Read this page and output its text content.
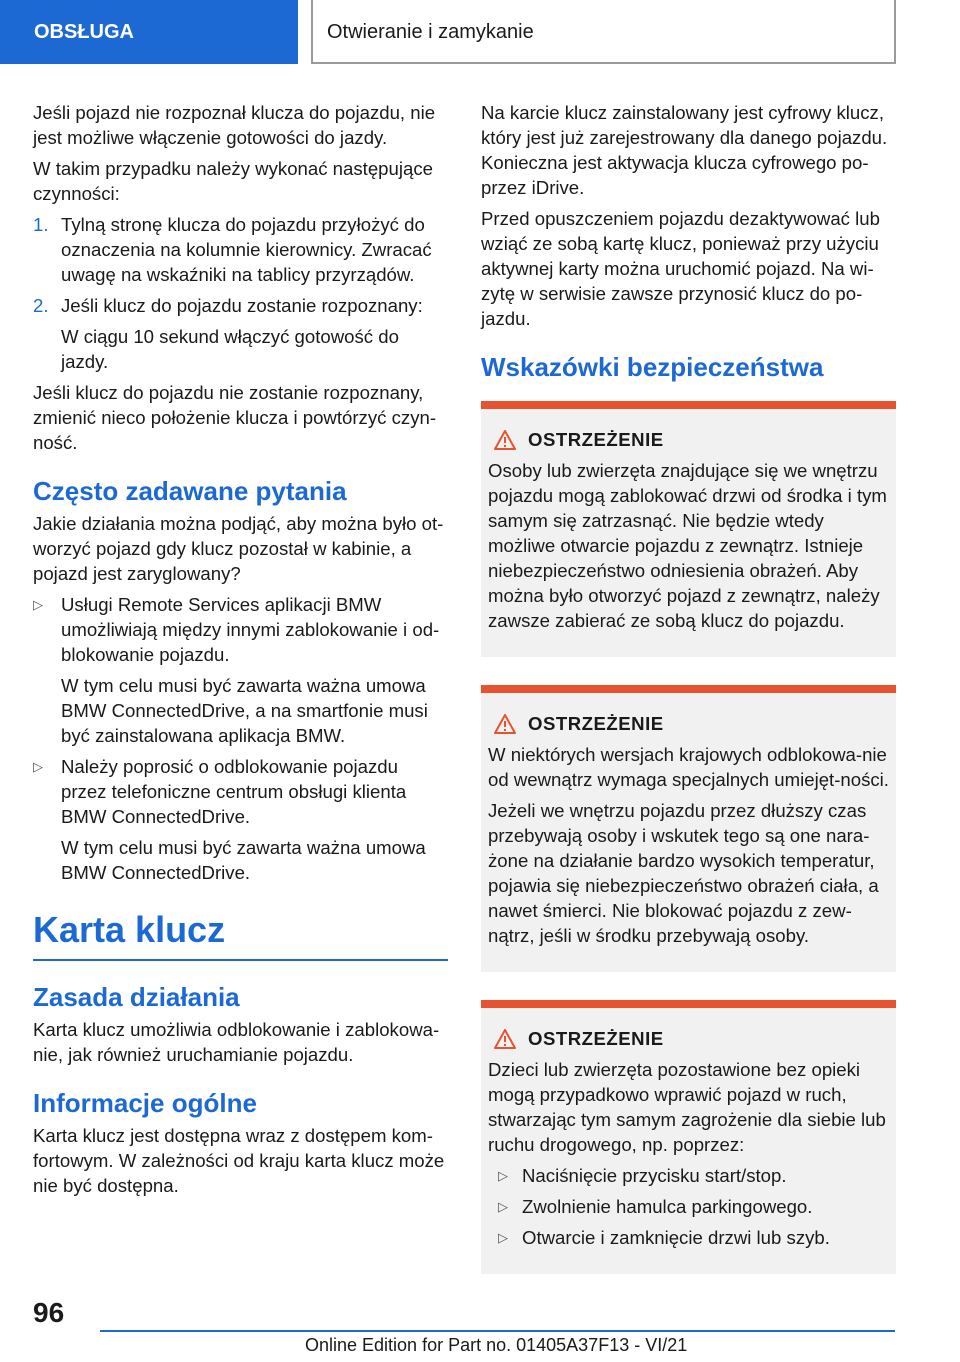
OBSŁUGA	Otwieranie i zamykanie

Jeśli pojazd nie rozpoznał klucza do pojazdu, nie jest możliwe włączenie gotowości do jazdy.

W takim przypadku należy wykonać następujące czynności:

1. Tylną stronę klucza do pojazdu przyłożyć do oznaczenia na kolumnie kierownicy. Zwracać uwagę na wskaźniki na tablicy przyrządów.
2. Jeśli klucz do pojazdu zostanie rozpoznany:
W ciągu 10 sekund włączyć gotowość do jazdy.

Jeśli klucz do pojazdu nie zostanie rozpoznany, zmienić nieco położenie klucza i powtórzyć czyn-ność.

Często zadawane pytania

Jakie działania można podjąć, aby można było ot-worzyć pojazd gdy klucz pozostał w kabinie, a pojazd jest zaryglowany?

▷ Usługi Remote Services aplikacji BMW umożliwiają między innymi zablokowanie i od-blokowanie pojazdu.
W tym celu musi być zawarta ważna umowa BMW ConnectedDrive, a na smartfonie musi być zainstalowana aplikacja BMW.
▷ Należy poprosić o odblokowanie pojazdu przez telefoniczne centrum obsługi klienta BMW ConnectedDrive.
W tym celu musi być zawarta ważna umowa BMW ConnectedDrive.
Karta klucz
Zasada działania

Karta klucz umożliwia odblokowanie i zablokowa-nie, jak również uruchamianie pojazdu.

Informacje ogólne

Karta klucz jest dostępna wraz z dostępem kom-fortowym. W zależności od kraju karta klucz może nie być dostępna.

Na karcie klucz zainstalowany jest cyfrowy klucz, który jest już zarejestrowany dla danego pojazdu. Konieczna jest aktywacja klucza cyfrowego po-przez iDrive.

Przed opuszczeniem pojazdu dezaktywować lub wziąć ze sobą kartę klucz, ponieważ przy użyciu aktywnej karty można uruchomić pojazd. Na wi-zytę w serwisie zawsze przynosić klucz do po-jazdu.

Wskazówki bezpieczeństwa
OSTRZEŻENIE

Osoby lub zwierzęta znajdujące się we wnętrzu pojazdu mogą zablokować drzwi od środka i tym samym się zatrzasnąć. Nie będzie wtedy możliwe otwarcie pojazdu z zewnątrz. Istnieje niebezpieczeństwo odniesienia obrażeń. Aby można było otworzyć pojazd z zewnątrz, należy zawsze zabierać ze sobą klucz do pojazdu.

OSTRZEŻENIE

W niektórych wersjach krajowych odblokowa-nie od wewnątrz wymaga specjalnych umiejęt-ności.

Jeżeli we wnętrzu pojazdu przez dłuższy czas przebywają osoby i wskutek tego są one nara-żone na działanie bardzo wysokich temperatur, pojawia się niebezpieczeństwo obrażeń ciała, a nawet śmierci. Nie blokować pojazdu z zew-nątrz, jeśli w środku przebywają osoby.

OSTRZEŻENIE

Dzieci lub zwierzęta pozostawione bez opieki mogą przypadkowo wprawić pojazd w ruch, stwarzając tym samym zagrożenie dla siebie lub ruchu drogowego, np. poprzez:

▷ Naciśnięcie przycisku start/stop.
▷ Zwolnienie hamulca parkingowego.
▷ Otwarcie i zamknięcie drzwi lub szyb.
96
Online Edition for Part no. 01405A37F13 - VI/21
